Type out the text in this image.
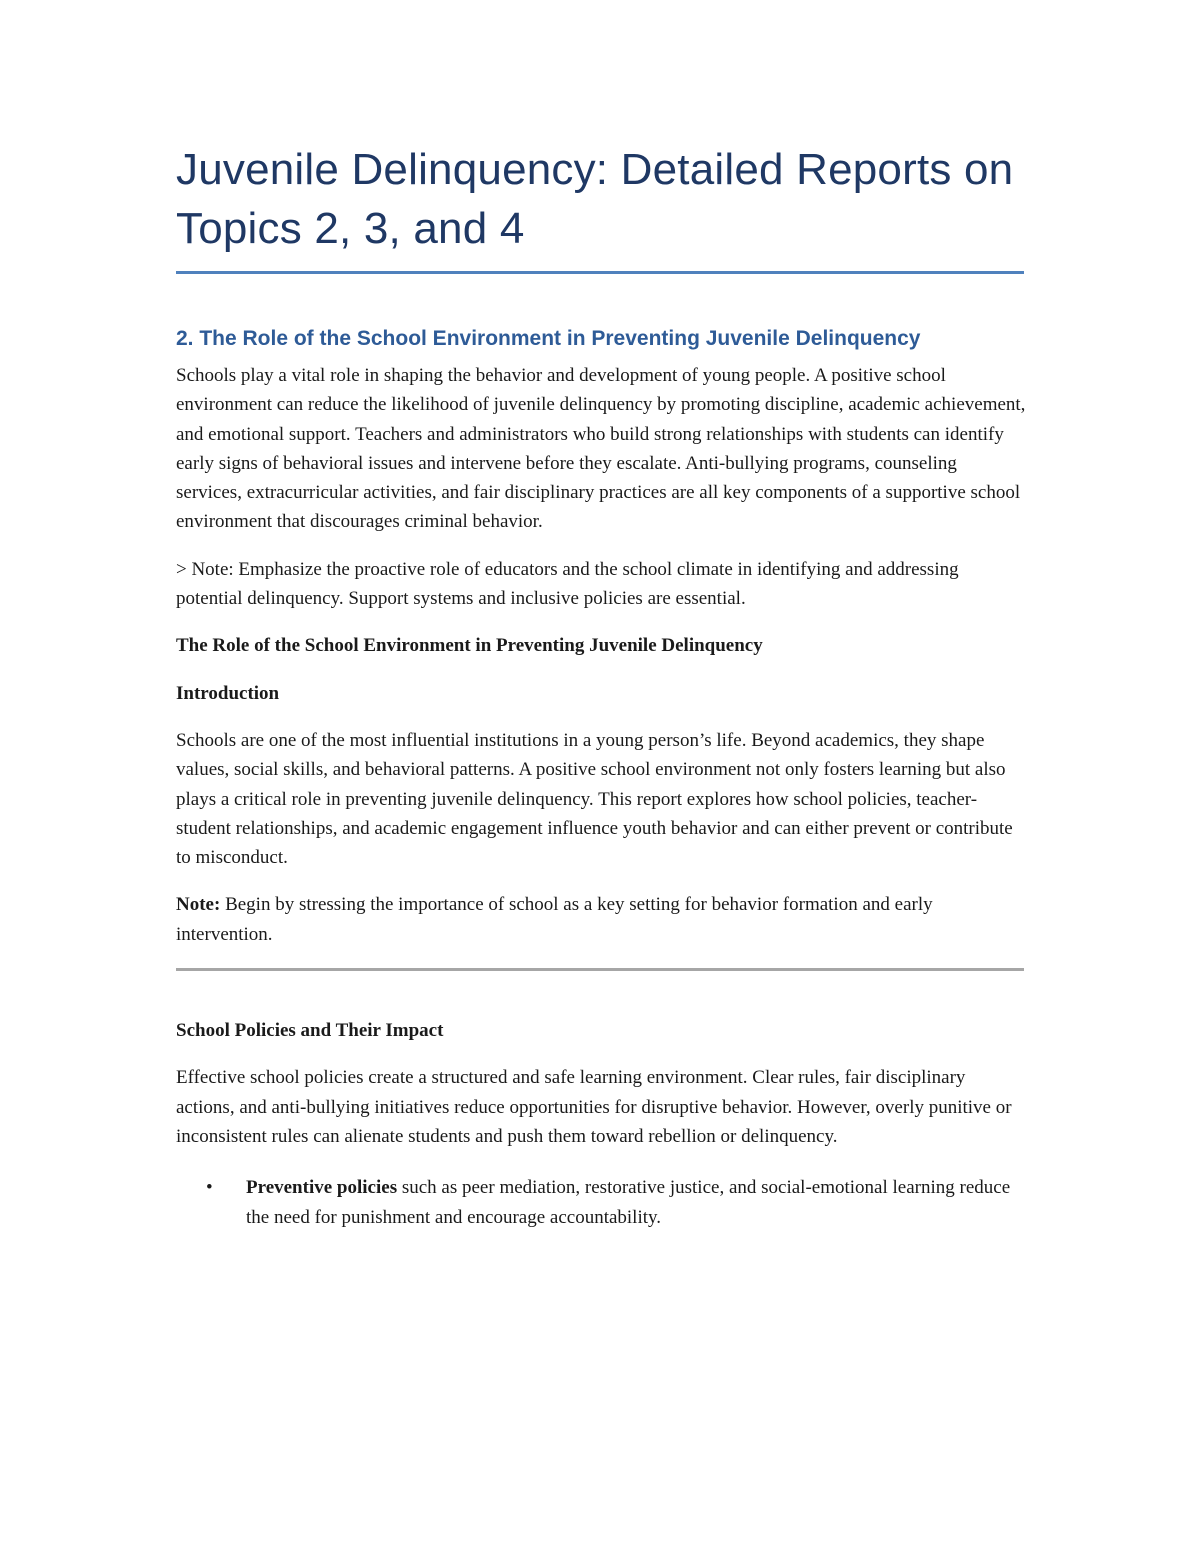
Juvenile Delinquency: Detailed Reports on Topics 2, 3, and 4
2. The Role of the School Environment in Preventing Juvenile Delinquency

Schools play a vital role in shaping the behavior and development of young people. A positive school environment can reduce the likelihood of juvenile delinquency by promoting discipline, academic achievement, and emotional support. Teachers and administrators who build strong relationships with students can identify early signs of behavioral issues and intervene before they escalate. Anti-bullying programs, counseling services, extracurricular activities, and fair disciplinary practices are all key components of a supportive school environment that discourages criminal behavior.

> Note: Emphasize the proactive role of educators and the school climate in identifying and addressing potential delinquency. Support systems and inclusive policies are essential.

The Role of the School Environment in Preventing Juvenile Delinquency

Introduction

Schools are one of the most influential institutions in a young person’s life. Beyond academics, they shape values, social skills, and behavioral patterns. A positive school environment not only fosters learning but also plays a critical role in preventing juvenile delinquency. This report explores how school policies, teacher-student relationships, and academic engagement influence youth behavior and can either prevent or contribute to misconduct.

Note: Begin by stressing the importance of school as a key setting for behavior formation and early intervention.

School Policies and Their Impact

Effective school policies create a structured and safe learning environment. Clear rules, fair disciplinary actions, and anti-bullying initiatives reduce opportunities for disruptive behavior. However, overly punitive or inconsistent rules can alienate students and push them toward rebellion or delinquency.

• Preventive policies such as peer mediation, restorative justice, and social-emotional learning reduce the need for punishment and encourage accountability.
